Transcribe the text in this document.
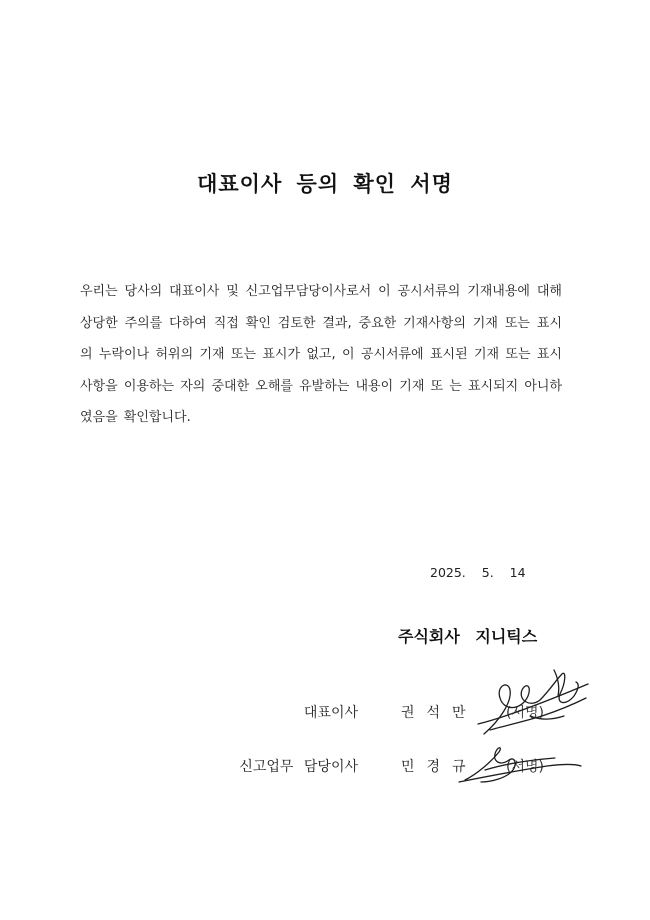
대표이사 등의 확인 서명
우리는 당사의 대표이사 및 신고업무담당이사로서 이 공시서류의 기재내용에 대해 상당한 주의를 다하여 직접 확인 검토한 결과, 중요한 기재사항의 기재 또는 표시의 누락이나 허위의 기재 또는 표시가 없고, 이 공시서류에 표시된 기재 또는 표시사항을 이용하는 자의 중대한 오해를 유발하는 내용이 기재 또 는 표시되지 아니하였음을 확인합니다.
2025. 5. 14
주식회사 지니틱스
대표이사	권석만 (서명)
신고업무 담당이사	민경규 (서명)
